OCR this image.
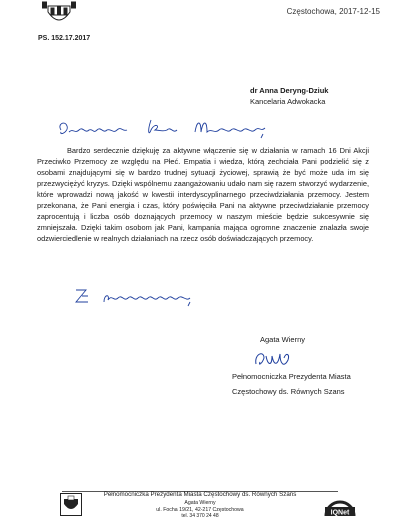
Częstochowa, 2017-12-15
PS. 152.17.2017
dr Anna Deryng-Dziuk
Kancelaria Adwokacka

Bardzo serdecznie dziękuję za aktywne włączenie się w działania w ramach 16 Dni Akcji Przeciwko Przemocy ze względu na Płeć. Empatia i wiedza, którą zechciała Pani podzielić się z osobami znajdującymi się w bardzo trudnej sytuacji życiowej, sprawią że być może uda im się przezwyciężyć kryzys. Dzięki wspólnemu zaangażowaniu udało nam się razem stworzyć wydarzenie, które wprowadzi nową jakość w kwestii interdyscyplinarnego przeciwdziałania przemocy. Jestem przekonana, że Pani energia i czas, który poświęciła Pani na aktywne przeciwdziałanie przemocy zaprocentują i liczba osób doznających przemocy w naszym mieście będzie sukcesywnie się zmniejszała. Dzięki takim osobom jak Pani, kampania mająca ogromne znaczenie znalazła swoje odzwierciedlenie w realnych działaniach na rzecz osób doświadczających przemocy.

Agata Wierny
Pełnomocniczka Prezydenta Miasta
Częstochowy ds. Równych Szans
Pełnomocniczka Prezydenta Miasta Częstochowy ds. Równych Szans
Agata Wierny
ul. Focha 19/21, 42-217 Częstochowa
tel. 34 370 24 48	IQNet
